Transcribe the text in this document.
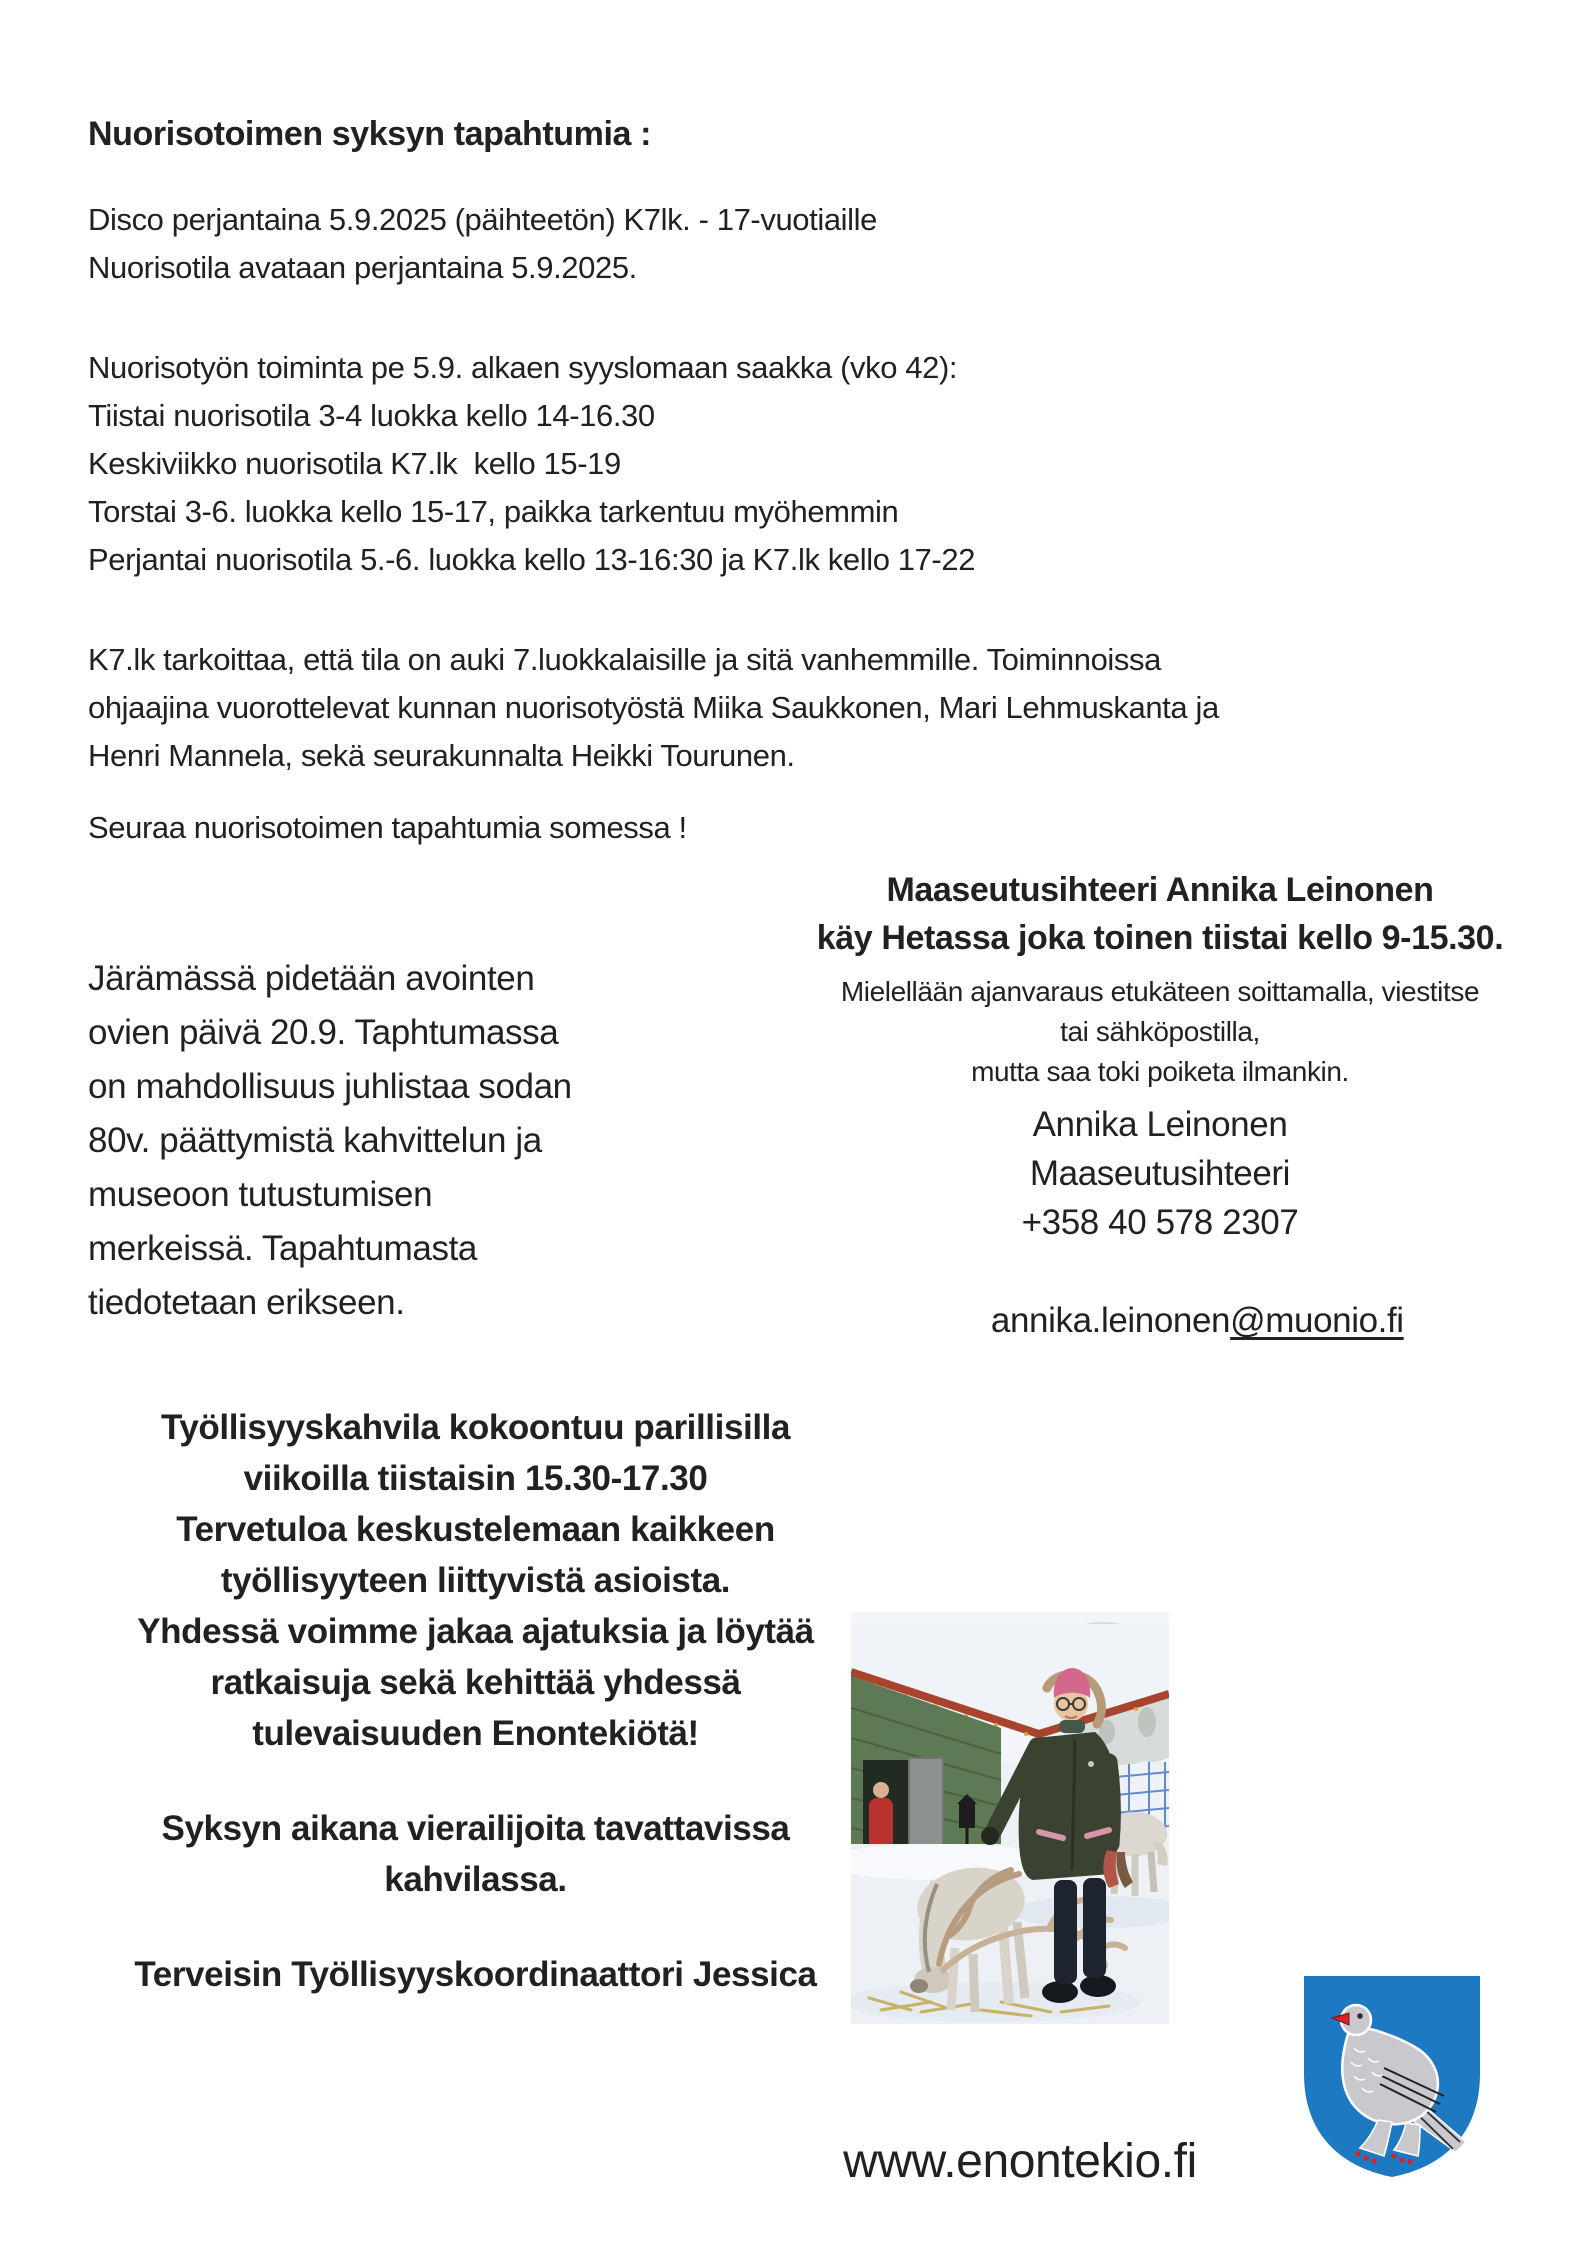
Nuorisotoimen syksyn tapahtumia :
Disco perjantaina 5.9.2025 (päihteetön) K7lk. - 17-vuotiaille
Nuorisotila avataan perjantaina 5.9.2025.
Nuorisotyön toiminta pe 5.9. alkaen syyslomaan saakka (vko 42):
Tiistai nuorisotila 3-4 luokka kello 14-16.30
Keskiviikko nuorisotila K7.lk  kello 15-19
Torstai 3-6. luokka kello 15-17, paikka tarkentuu myöhemmin
Perjantai nuorisotila 5.-6. luokka kello 13-16:30 ja K7.lk kello 17-22
K7.lk tarkoittaa, että tila on auki 7.luokkalaisille ja sitä vanhemmille. Toiminnoissa
ohjaajina vuorottelevat kunnan nuorisotyöstä Miika Saukkonen, Mari Lehmuskanta ja
Henri Mannela, sekä seurakunnalta Heikki Tourunen.
Seuraa nuorisotoimen tapahtumia somessa !
Järämässä pidetään avointen
ovien päivä 20.9. Taphtumassa
on mahdollisuus juhlistaa sodan
80v. päättymistä kahvittelun ja
museoon tutustumisen
merkeissä. Tapahtumasta
tiedotetaan erikseen.
Maaseutusihteeri Annika Leinonen
käy Hetassa joka toinen tiistai kello 9-15.30.
Mielellään ajanvaraus etukäteen soittamalla, viestitse
tai sähköpostilla,
mutta saa toki poiketa ilmankin.
Annika Leinonen
Maaseutusihteeri
+358 40 578 2307

annika.leinonen@muonio.fi

Työllisyyskahvila kokoontuu parillisilla
viikoilla tiistaisin 15.30-17.30
Tervetuloa keskustelemaan kaikkeen
työllisyyteen liittyvistä asioista.
Yhdessä voimme jakaa ajatuksia ja löytää
ratkaisuja sekä kehittää yhdessä
tulevaisuuden Enontekiötä!
Syksyn aikana vierailijoita tavattavissa
kahvilassa.
Terveisin Työllisyyskoordinaattori Jessica
www.enontekio.fi
